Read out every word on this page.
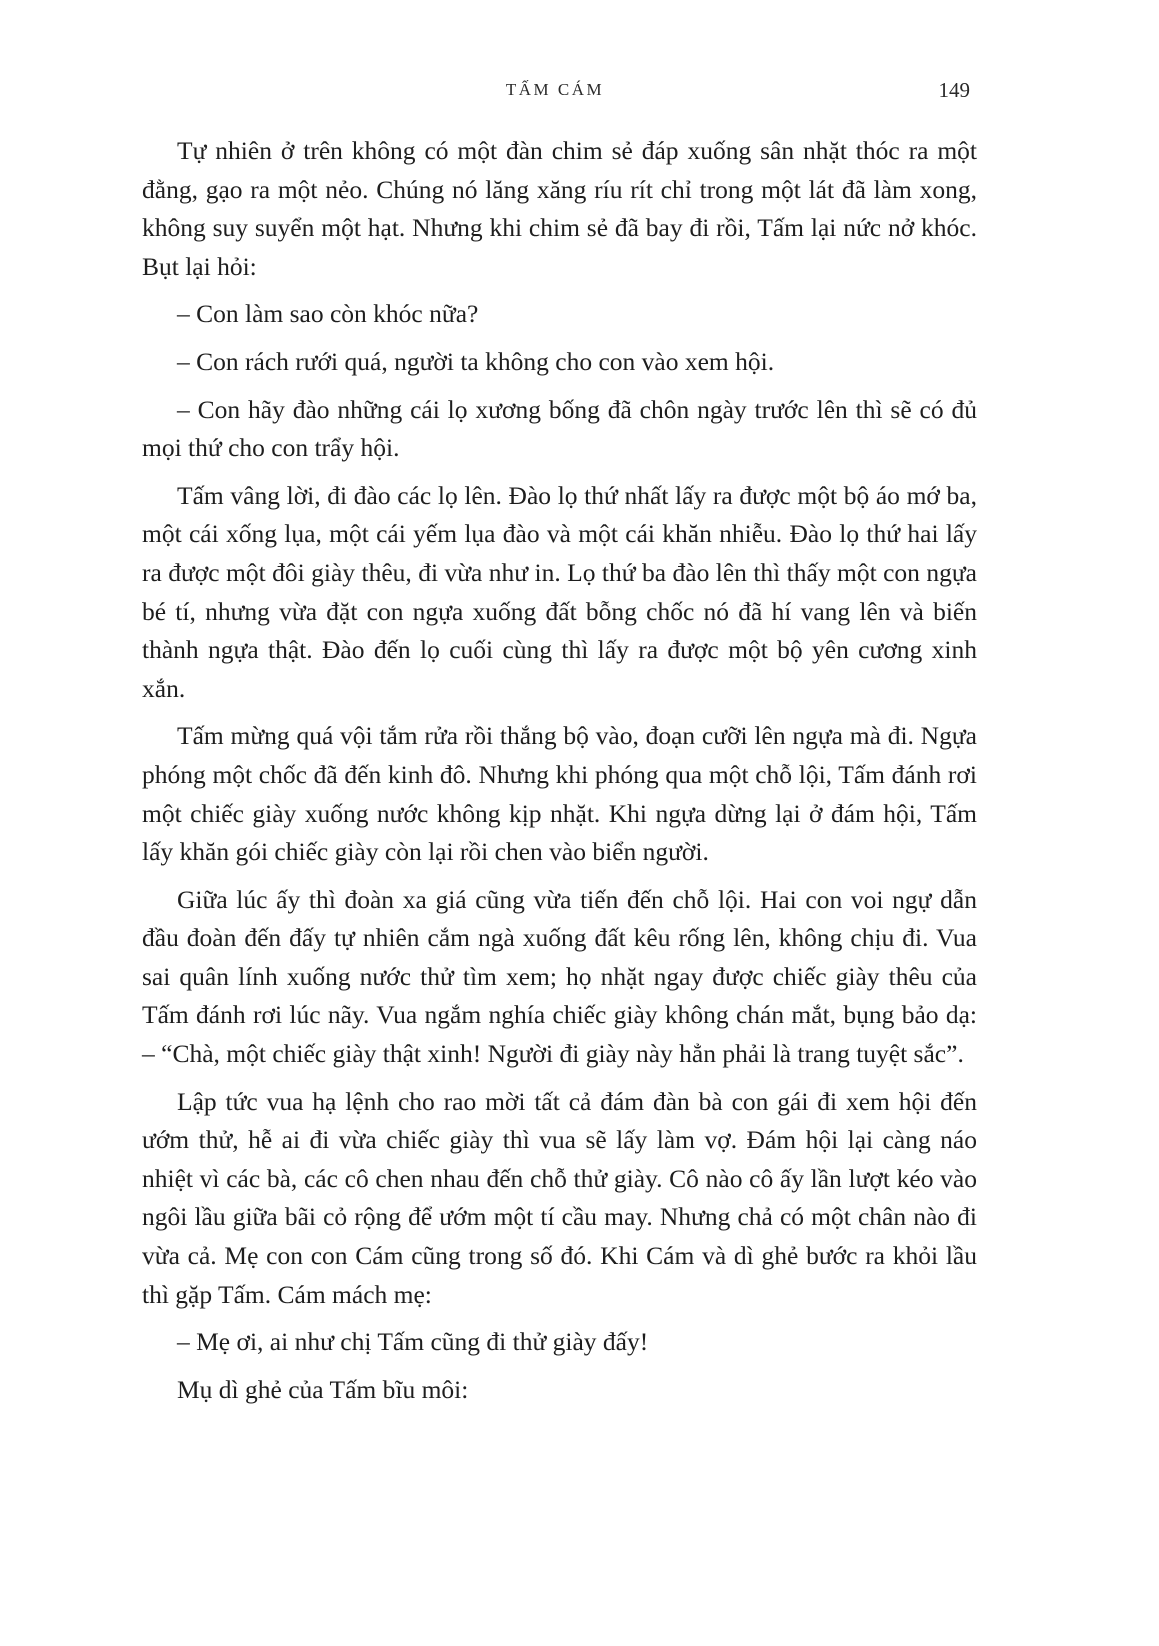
TẤM CÁM	149

Tự nhiên ở trên không có một đàn chim sẻ đáp xuống sân nhặt thóc ra một đằng, gạo ra một nẻo. Chúng nó lăng xăng ríu rít chỉ trong một lát đã làm xong, không suy suyển một hạt. Nhưng khi chim sẻ đã bay đi rồi, Tấm lại nức nở khóc. Bụt lại hỏi:

– Con làm sao còn khóc nữa?

– Con rách rưới quá, người ta không cho con vào xem hội.

– Con hãy đào những cái lọ xương bống đã chôn ngày trước lên thì sẽ có đủ mọi thứ cho con trẩy hội.

Tấm vâng lời, đi đào các lọ lên. Đào lọ thứ nhất lấy ra được một bộ áo mớ ba, một cái xống lụa, một cái yếm lụa đào và một cái khăn nhiễu. Đào lọ thứ hai lấy ra được một đôi giày thêu, đi vừa như in. Lọ thứ ba đào lên thì thấy một con ngựa bé tí, nhưng vừa đặt con ngựa xuống đất bỗng chốc nó đã hí vang lên và biến thành ngựa thật. Đào đến lọ cuối cùng thì lấy ra được một bộ yên cương xinh xắn.

Tấm mừng quá vội tắm rửa rồi thắng bộ vào, đoạn cưỡi lên ngựa mà đi. Ngựa phóng một chốc đã đến kinh đô. Nhưng khi phóng qua một chỗ lội, Tấm đánh rơi một chiếc giày xuống nước không kịp nhặt. Khi ngựa dừng lại ở đám hội, Tấm lấy khăn gói chiếc giày còn lại rồi chen vào biển người.

Giữa lúc ấy thì đoàn xa giá cũng vừa tiến đến chỗ lội. Hai con voi ngự dẫn đầu đoàn đến đấy tự nhiên cắm ngà xuống đất kêu rống lên, không chịu đi. Vua sai quân lính xuống nước thử tìm xem; họ nhặt ngay được chiếc giày thêu của Tấm đánh rơi lúc nãy. Vua ngắm nghía chiếc giày không chán mắt, bụng bảo dạ: – “Chà, một chiếc giày thật xinh! Người đi giày này hẳn phải là trang tuyệt sắc”.

Lập tức vua hạ lệnh cho rao mời tất cả đám đàn bà con gái đi xem hội đến ướm thử, hễ ai đi vừa chiếc giày thì vua sẽ lấy làm vợ. Đám hội lại càng náo nhiệt vì các bà, các cô chen nhau đến chỗ thử giày. Cô nào cô ấy lần lượt kéo vào ngôi lầu giữa bãi cỏ rộng để ướm một tí cầu may. Nhưng chả có một chân nào đi vừa cả. Mẹ con con Cám cũng trong số đó. Khi Cám và dì ghẻ bước ra khỏi lầu thì gặp Tấm. Cám mách mẹ:

– Mẹ ơi, ai như chị Tấm cũng đi thử giày đấy!

Mụ dì ghẻ của Tấm bĩu môi:
